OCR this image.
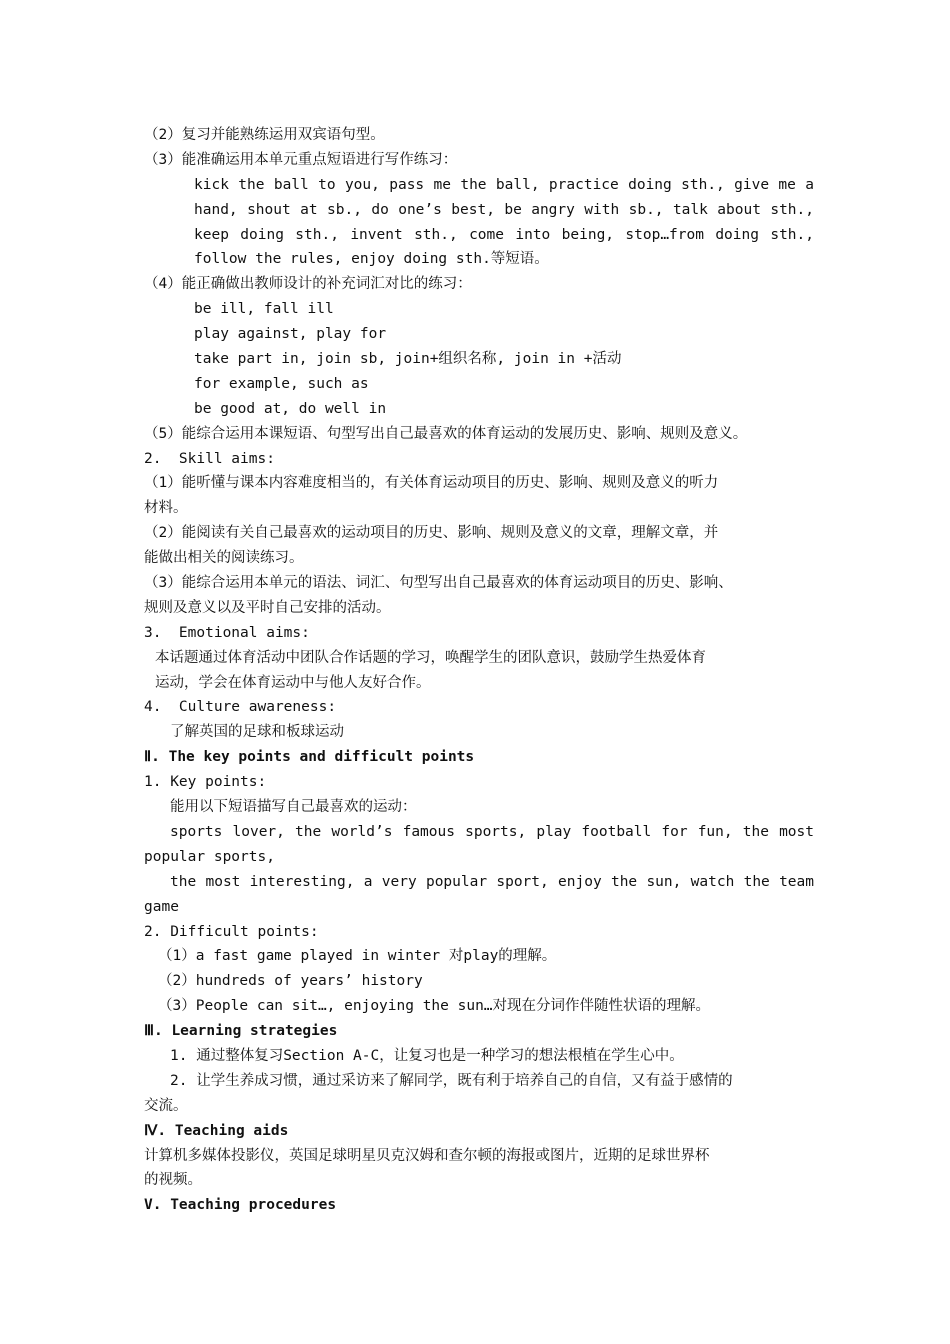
（2）复习并能熟练运用双宾语句型。
（3）能准确运用本单元重点短语进行写作练习：
kick the ball to you, pass me the ball, practice doing sth., give me a
hand, shout at sb., do one’s best, be angry with sb., talk about sth.,
keep doing sth., invent sth., come into being, stop…from doing sth.,
follow the rules, enjoy doing sth.等短语。
（4）能正确做出教师设计的补充词汇对比的练习：
be ill, fall ill
play against, play for
take part in, join sb, join+组织名称, join in +活动
for example, such as
be good at, do well in
（5）能综合运用本课短语、句型写出自己最喜欢的体育运动的发展历史、影响、规则及意义。
2.  Skill aims:
（1）能听懂与课本内容难度相当的，有关体育运动项目的历史、影响、规则及意义的听力
材料。
（2）能阅读有关自己最喜欢的运动项目的历史、影响、规则及意义的文章，理解文章，并
能做出相关的阅读练习。
（3）能综合运用本单元的语法、词汇、句型写出自己最喜欢的体育运动项目的历史、影响、
规则及意义以及平时自己安排的活动。
3.  Emotional aims:
本话题通过体育活动中团队合作话题的学习，唤醒学生的团队意识，鼓励学生热爱体育
运动，学会在体育运动中与他人友好合作。
4.  Culture awareness:
了解英国的足球和板球运动
Ⅱ. The key points and difficult points
1. Key points:
能用以下短语描写自己最喜欢的运动：
sports lover, the world’s famous sports, play football for fun, the most
popular sports,
the most interesting, a very popular sport, enjoy the sun, watch the team
game
2. Difficult points:
（1）a fast game played in winter 对play的理解。
（2）hundreds of years’ history
（3）People can sit…, enjoying the sun…对现在分词作伴随性状语的理解。
Ⅲ. Learning strategies
1. 通过整体复习Section A-C，让复习也是一种学习的想法根植在学生心中。
2. 让学生养成习惯，通过采访来了解同学，既有利于培养自己的自信，又有益于感情的
交流。
Ⅳ. Teaching aids
计算机多媒体投影仪，英国足球明星贝克汉姆和查尔顿的海报或图片，近期的足球世界杯
的视频。
V. Teaching procedures
